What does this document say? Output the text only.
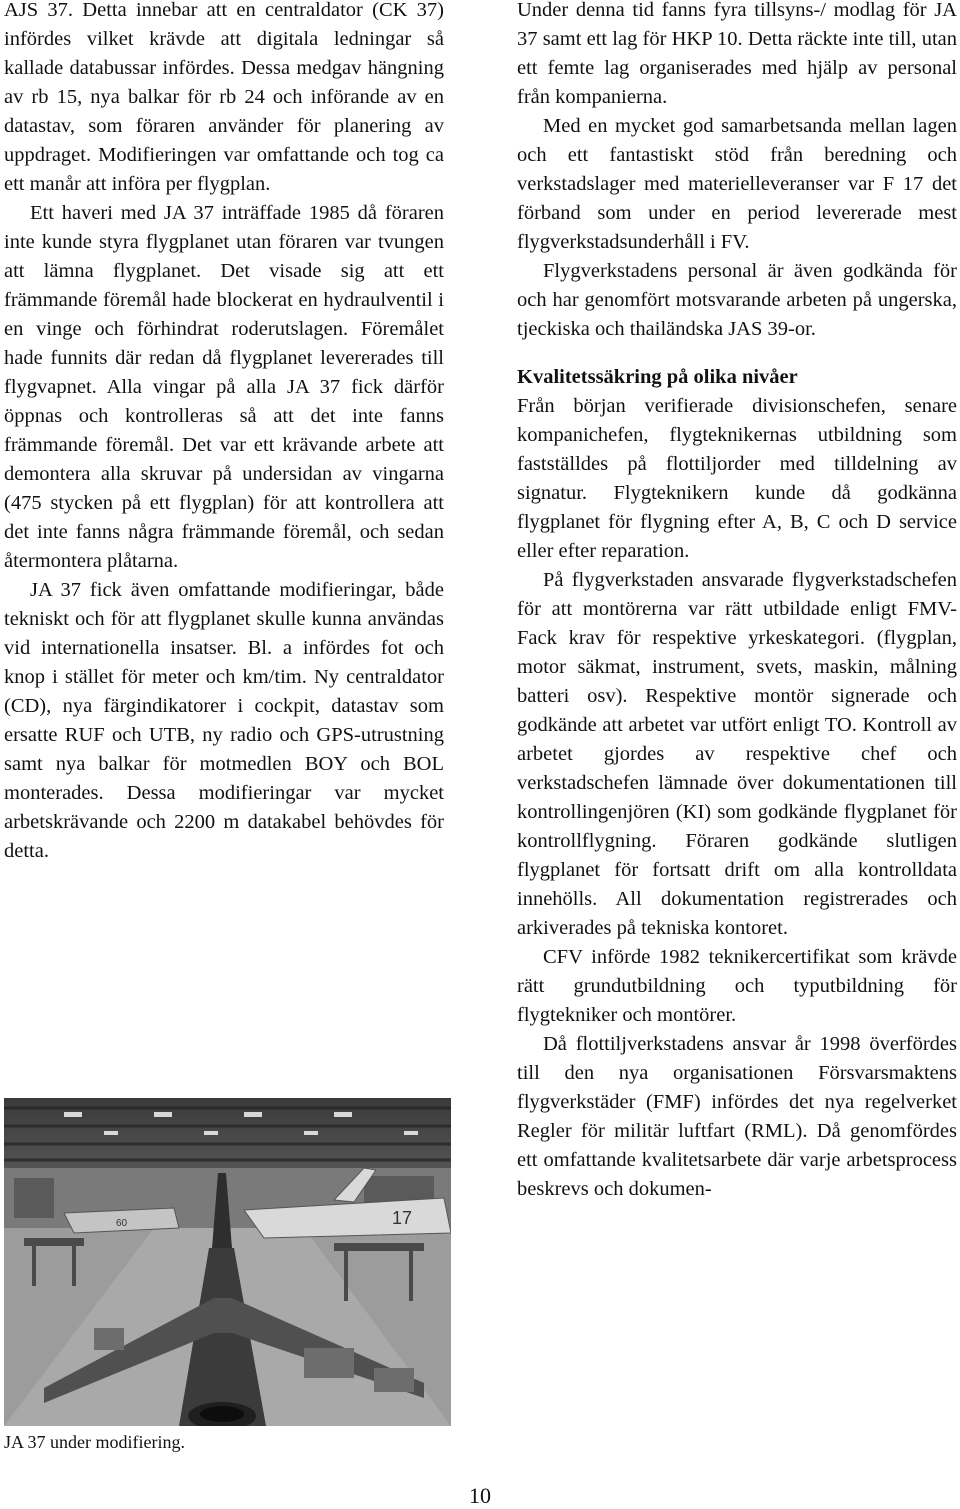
AJS 37. Detta innebar att en centraldator (CK 37) infördes vilket krävde att digitala ledningar så kallade databussar infördes. Dessa medgav hängning av rb 15, nya balkar för rb 24 och införande av en datastav, som föraren använder för planering av uppdraget. Modifieringen var omfattande och tog ca ett manår att införa per flygplan.

Ett haveri med JA 37 inträffade 1985 då föraren inte kunde styra flygplanet utan föraren var tvungen att lämna flygplanet. Det visade sig att ett främmande föremål hade blockerat en hydraulventil i en vinge och förhindrat roderutslagen. Föremålet hade funnits där redan då flygplanet levererades till flygvapnet. Alla vingar på alla JA 37 fick därför öppnas och kontrolleras så att det inte fanns främmande föremål. Det var ett krävande arbete att demontera alla skruvar på undersidan av vingarna (475 stycken på ett flygplan) för att kontrollera att det inte fanns några främmande föremål, och sedan återmontera plåtarna.

JA 37 fick även omfattande modifieringar, både tekniskt och för att flygplanet skulle kunna användas vid internationella insatser. Bl. a infördes fot och knop i stället för meter och km/tim. Ny centraldator (CD), nya färgindikatorer i cockpit, datastav som ersatte RUF och UTB, ny radio och GPS-utrustning samt nya balkar för motmedlen BOY och BOL monterades. Dessa modifieringar var mycket arbetskrävande och 2200 m datakabel behövdes för detta.

17
60
JA 37 under modifiering.

Under denna tid fanns fyra tillsyns-/ modlag för JA 37 samt ett lag för HKP 10. Detta räckte inte till, utan ett femte lag organiserades med hjälp av personal från kompanierna.

Med en mycket god samarbetsanda mellan lagen och ett fantastiskt stöd från beredning och verkstadslager med materielleveranser var F 17 det förband som under en period levererade mest flygverkstadsunderhåll i FV.

Flygverkstadens personal är även godkända för och har genomfört motsvarande arbeten på ungerska, tjeckiska och thailändska JAS 39-or.

Kvalitetssäkring på olika nivåer

Från början verifierade divisionschefen, senare kompanichefen, flygteknikernas utbildning som fastställdes på flottiljorder med tilldelning av signatur. Flygteknikern kunde då godkänna flygplanet för flygning efter A, B, C och D service eller efter reparation.

På flygverkstaden ansvarade flygverkstadschefen för att montörerna var rätt utbildade enligt FMV-Fack krav för respektive yrkeskategori. (flygplan, motor säkmat, instrument, svets, maskin, målning batteri osv). Respektive montör signerade och godkände att arbetet var utfört enligt TO. Kontroll av arbetet gjordes av respektive chef och verkstadschefen lämnade över dokumentationen till kontrollingenjören (KI) som godkände flygplanet för kontrollflygning. Föraren godkände slutligen flygplanet för fortsatt drift om alla kontrolldata innehölls. All dokumentation registrerades och arkiverades på tekniska kontoret.

CFV införde 1982 teknikercertifikat som krävde rätt grundutbildning och typutbildning för flygtekniker och montörer.

Då flottiljverkstadens ansvar år 1998 överfördes till den nya organisationen Försvarsmaktens flygverkstäder (FMF) infördes det nya regelverket Regler för militär luftfart (RML). Då genomfördes ett omfattande kvalitetsarbete där varje arbetsprocess beskrevs och dokumen-

10
